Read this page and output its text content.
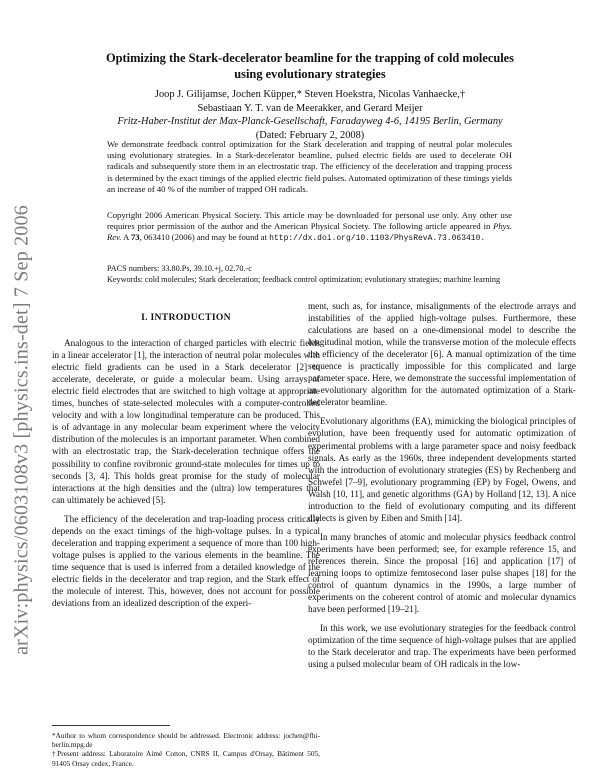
arXiv:physics/0603108v3 [physics.ins-det] 7 Sep 2006
Optimizing the Stark-decelerator beamline for the trapping of cold molecules
using evolutionary strategies
Joop J. Gilijamse, Jochen Küpper,* Steven Hoekstra, Nicolas Vanhaecke,†
Sebastiaan Y. T. van de Meerakker, and Gerard Meijer
Fritz-Haber-Institut der Max-Planck-Gesellschaft, Faradayweg 4-6, 14195 Berlin, Germany
(Dated: February 2, 2008)
We demonstrate feedback control optimization for the Stark deceleration and trapping of neutral polar molecules using evolutionary strategies. In a Stark-decelerator beamline, pulsed electric fields are used to decelerate OH radicals and subsequently store them in an electrostatic trap. The efficiency of the deceleration and trapping process is determined by the exact timings of the applied electric field pulses. Automated optimization of these timings yields an increase of 40 % of the number of trapped OH radicals.
Copyright 2006 American Physical Society. This article may be downloaded for personal use only. Any other use requires prior permission of the author and the American Physical Society. The following article appeared in Phys. Rev. A 73, 063410 (2006) and may be found at http://dx.doi.org/10.1103/PhysRevA.73.063410.
PACS numbers: 33.80.Ps, 39.10.+j, 02.70.-c
Keywords: cold molecules; Stark deceleration; feedback control optimization; evolutionary strategies; machine learning
I. INTRODUCTION

Analogous to the interaction of charged particles with electric fields in a linear accelerator [1], the interaction of neutral polar molecules with electric field gradients can be used in a Stark decelerator [2] to accelerate, decelerate, or guide a molecular beam. Using arrays of electric field electrodes that are switched to high voltage at appropriate times, bunches of state-selected molecules with a computer-controlled velocity and with a low longitudinal temperature can be produced. This is of advantage in any molecular beam experiment where the velocity distribution of the molecules is an important parameter. When combined with an electrostatic trap, the Stark-deceleration technique offers the possibility to confine rovibronic ground-state molecules for times up to seconds [3, 4]. This holds great promise for the study of molecular interactions at the high densities and the (ultra) low temperatures that can ultimately be achieved [5].

The efficiency of the deceleration and trap-loading process critically depends on the exact timings of the high-voltage pulses. In a typical deceleration and trapping experiment a sequence of more than 100 high-voltage pulses is applied to the various elements in the beamline. The time sequence that is used is inferred from a detailed knowledge of the electric fields in the decelerator and trap region, and the Stark effect of the molecule of interest. This, however, does not account for possible deviations from an idealized description of the experi-

ment, such as, for instance, misalignments of the electrode arrays and instabilities of the applied high-voltage pulses. Furthermore, these calculations are based on a one-dimensional model to describe the longitudinal motion, while the transverse motion of the molecule effects the efficiency of the decelerator [6]. A manual optimization of the time sequence is practically impossible for this complicated and large parameter space. Here, we demonstrate the successful implementation of an evolutionary algorithm for the automated optimization of a Stark-decelerator beamline.

Evolutionary algorithms (EA), mimicking the biological principles of evolution, have been frequently used for automatic optimization of experimental problems with a large parameter space and noisy feedback signals. As early as the 1960s, three independent developments started with the introduction of evolutionary strategies (ES) by Rechenberg and Schwefel [7–9], evolutionary programming (EP) by Fogel, Owens, and Walsh [10, 11], and genetic algorithms (GA) by Holland [12, 13]. A nice introduction to the field of evolutionary computing and its different dialects is given by Eiben and Smith [14].

In many branches of atomic and molecular physics feedback control experiments have been performed; see, for example reference 15, and references therein. Since the proposal [16] and application [17] of learning loops to optimize femtosecond laser pulse shapes [18] for the control of quantum dynamics in the 1990s, a large number of experiments on the coherent control of atomic and molecular dynamics have been performed [19–21].

In this work, we use evolutionary strategies for the feedback control optimization of the time sequence of high-voltage pulses that are applied to the Stark decelerator and trap. The experiments have been performed using a pulsed molecular beam of OH radicals in the low-

*Author to whom correspondence should be addressed. Electronic address: jochen@fhi-berlin.mpg.de
†Present address: Laboratoire Aimé Cotton, CNRS II, Campus d'Orsay, Bâtiment 505, 91405 Orsay cedex, France.
